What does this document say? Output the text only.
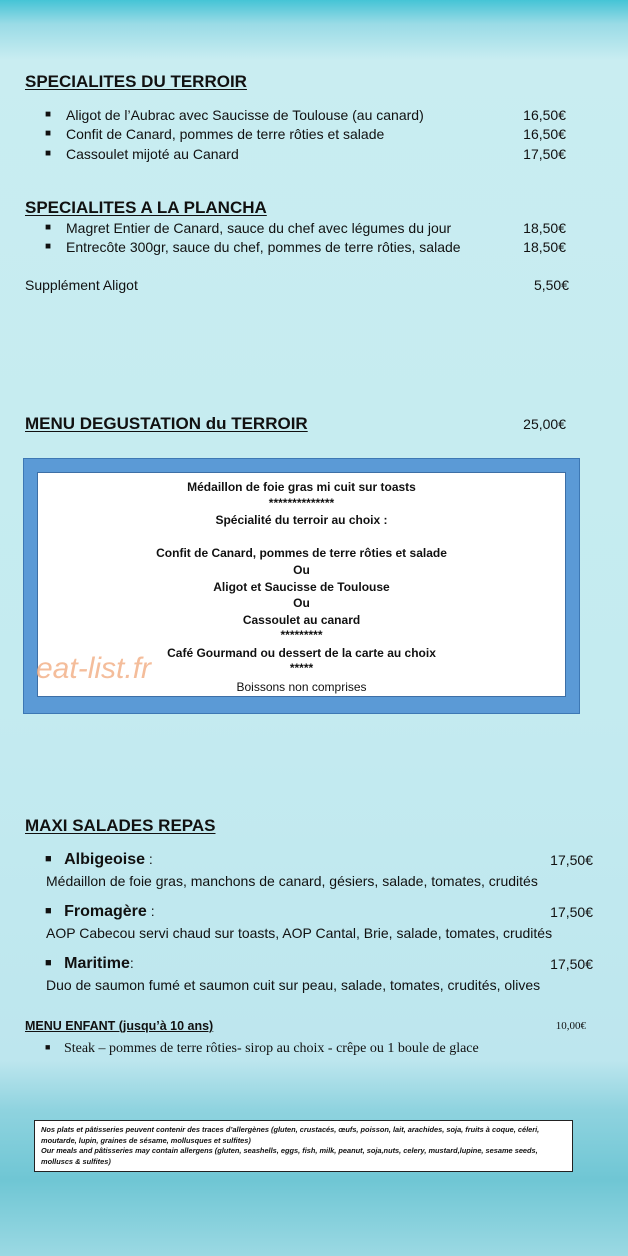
SPECIALITES DU TERROIR
■ Aligot de l’Aubrac avec Saucisse de Toulouse (au canard)	16,50€
■ Confit de Canard, pommes de terre rôties et salade	16,50€
■ Cassoulet mijoté au Canard	17,50€
SPECIALITES A LA PLANCHA
■ Magret Entier de Canard, sauce du chef avec légumes du jour	18,50€
■ Entrecôte 300gr, sauce du chef, pommes de terre rôties, salade	18,50€
Supplément Aligot	5,50€
MENU DEGUSTATION du TERROIR	25,00€
Médaillon de foie gras mi cuit sur toasts
**************
Spécialité du terroir au choix :
Confit de Canard, pommes de terre rôties et salade
Ou
Aligot et Saucisse de Toulouse
Ou
Cassoulet au canard
*********
Café Gourmand ou dessert de la carte au choix
*****
Boissons non comprises
eat-list.fr
MAXI SALADES REPAS
■ Albigeoise :	17,50€
Médaillon de foie gras, manchons de canard, gésiers, salade, tomates, crudités
■ Fromagère :	17,50€
AOP Cabecou servi chaud sur toasts, AOP Cantal, Brie, salade, tomates, crudités
■ Maritime:	17,50€
Duo de saumon fumé et saumon cuit sur peau, salade, tomates, crudités, olives
MENU ENFANT (jusqu’à 10 ans)	10,00€
■ Steak – pommes de terre rôties- sirop au choix - crêpe ou 1 boule de glace
Nos plats et pâtisseries peuvent contenir des traces d’allergènes (gluten, crustacés, œufs, poisson, lait, arachides, soja, fruits à coque, céleri, moutarde, lupin, graines de sésame, mollusques et sulfites)
Our meals and pâtisseries may contain allergens (gluten, seashells, eggs, fish, milk, peanut, soja,nuts, celery, mustard,lupine, sesame seeds, molluscs & sulfites)
